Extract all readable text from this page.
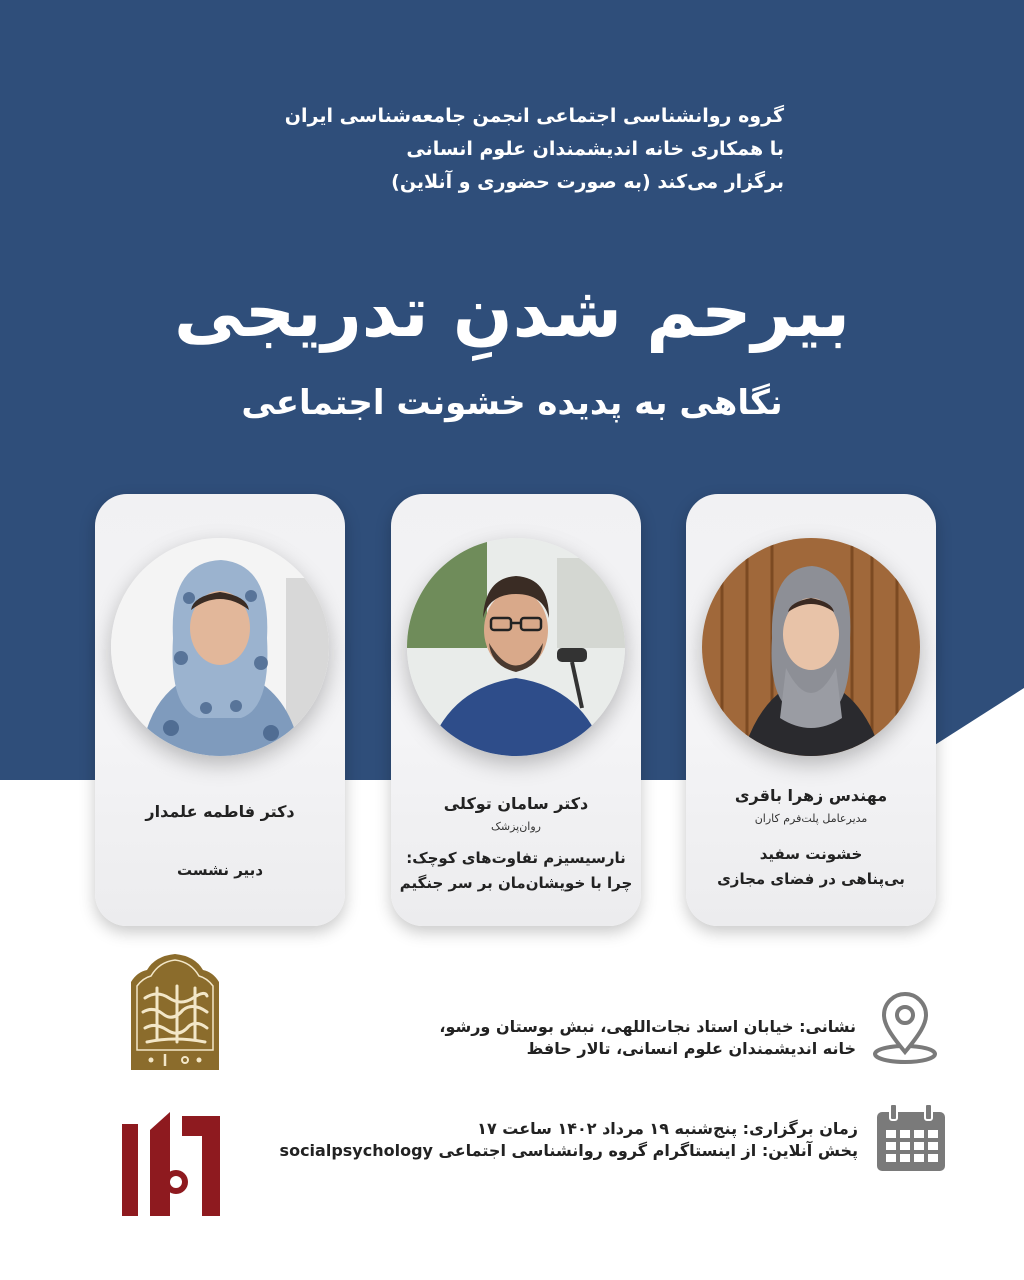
گروه روانشناسی اجتماعی انجمن جامعه‌شناسی ایران
با همکاری خانه اندیشمندان علوم انسانی
برگزار می‌کند (به صورت حضوری و آنلاین)
بیرحم شدنِ تدریجی
نگاهی به پدیده خشونت اجتماعی
مهندس زهرا باقری
مدیرعامل پلت‌فرم کاران
خشونت سفید
بی‌پناهی در فضای مجازی
دکتر سامان توکلی
روان‌پزشک
نارسیسیزم تفاوت‌های کوچک:
چرا با خویشان‌مان بر سر جنگیم
دکتر فاطمه علمدار
دبیر نشست
نشانی: خیابان استاد نجات‌اللهی، نبش بوستان ورشو،
خانه اندیشمندان علوم انسانی، تالار حافظ
زمان برگزاری: پنج‌شنبه ۱۹ مرداد ۱۴۰۲ ساعت ۱۷
پخش آنلاین: از اینستاگرام گروه روانشناسی اجتماعی socialpsychology
